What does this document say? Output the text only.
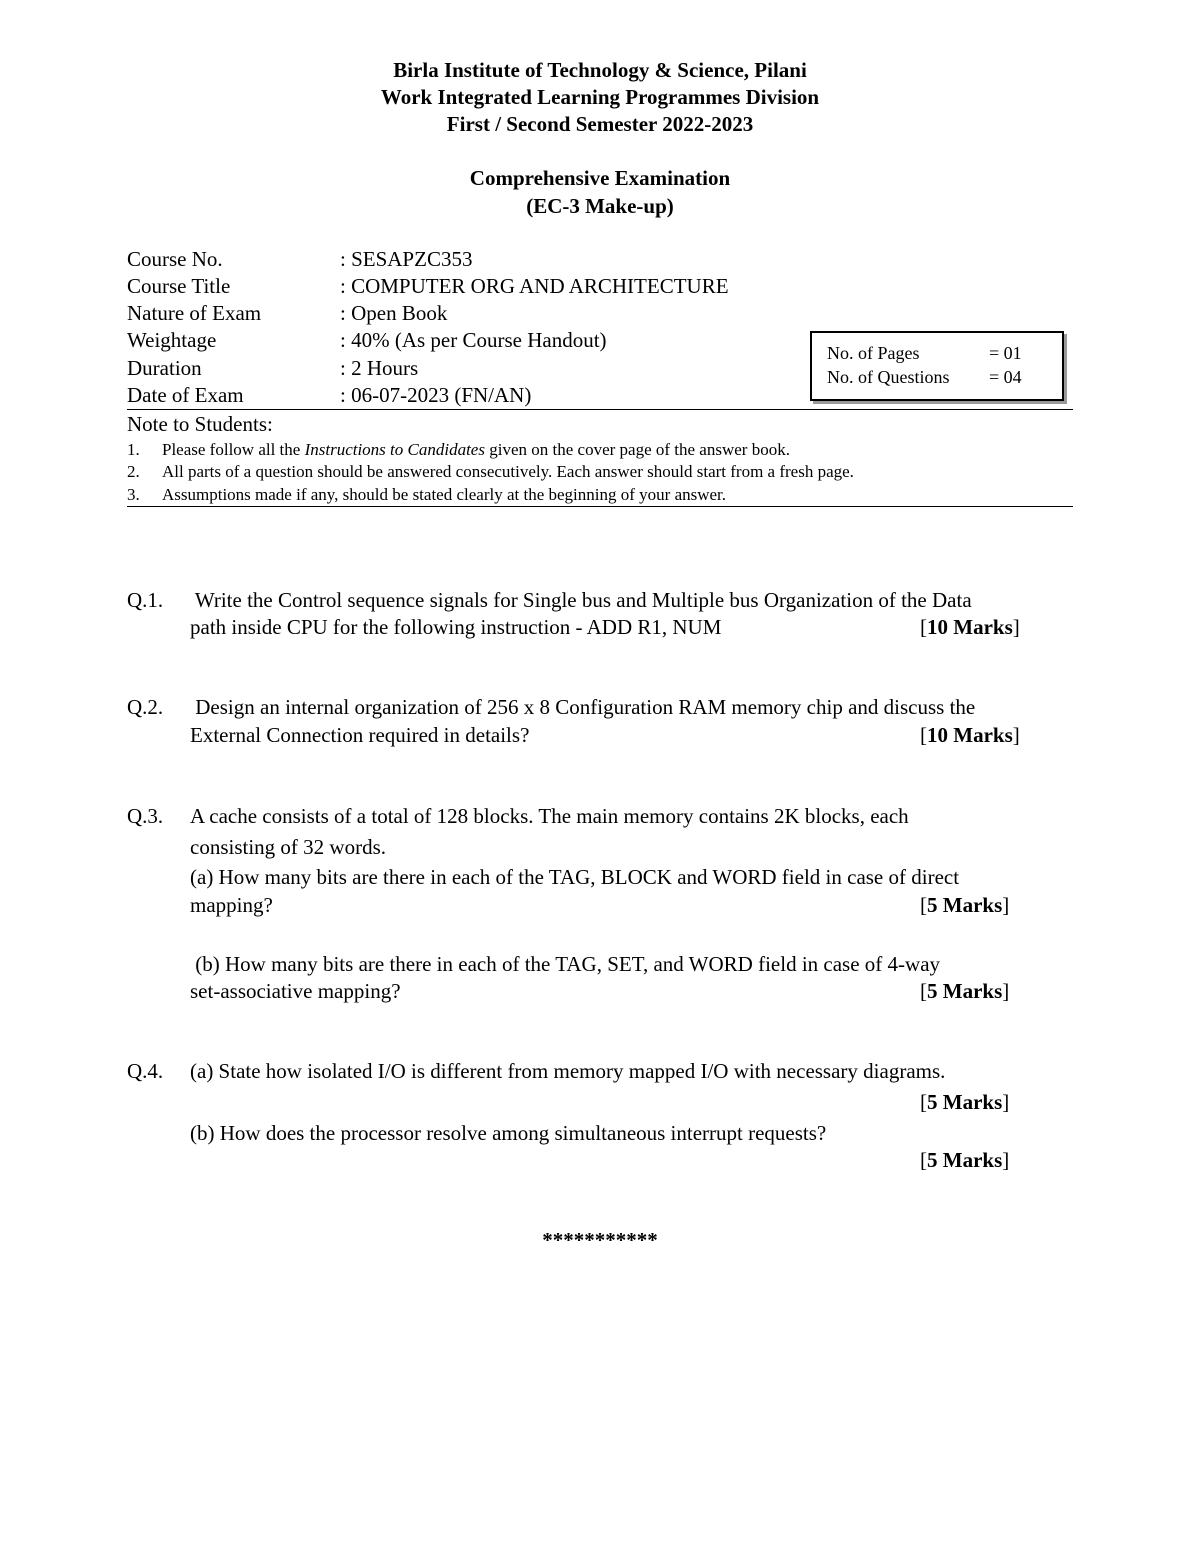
Birla Institute of Technology & Science, Pilani
Work Integrated Learning Programmes Division
First / Second Semester 2022-2023
Comprehensive Examination
(EC-3 Make-up)
Course No.	: SESAPZC353
Course Title	: COMPUTER ORG AND ARCHITECTURE
Nature of Exam	: Open Book
Weightage	: 40% (As per Course Handout)
Duration	: 2 Hours
Date of Exam	: 06-07-2023 (FN/AN)
No. of Pages	= 01
No. of Questions = 04
Note to Students:
1. Please follow all the Instructions to Candidates given on the cover page of the answer book.
2. All parts of a question should be answered consecutively. Each answer should start from a fresh page.
3. Assumptions made if any, should be stated clearly at the beginning of your answer.
Q.1. Write the Control sequence signals for Single bus and Multiple bus Organization of the Data
path inside CPU for the following instruction - ADD R1, NUM	[10 Marks]
Q.2. Design an internal organization of 256 x 8 Configuration RAM memory chip and discuss the
External Connection required in details?	[10 Marks]
Q.3. A cache consists of a total of 128 blocks. The main memory contains 2K blocks, each
consisting of 32 words.
(a) How many bits are there in each of the TAG, BLOCK and WORD field in case of direct
mapping?	[5 Marks]
(b) How many bits are there in each of the TAG, SET, and WORD field in case of 4-way
set-associative mapping?	[5 Marks]
Q.4. (a) State how isolated I/O is different from memory mapped I/O with necessary diagrams.
[5 Marks]
(b) How does the processor resolve among simultaneous interrupt requests?
[5 Marks]
***********
